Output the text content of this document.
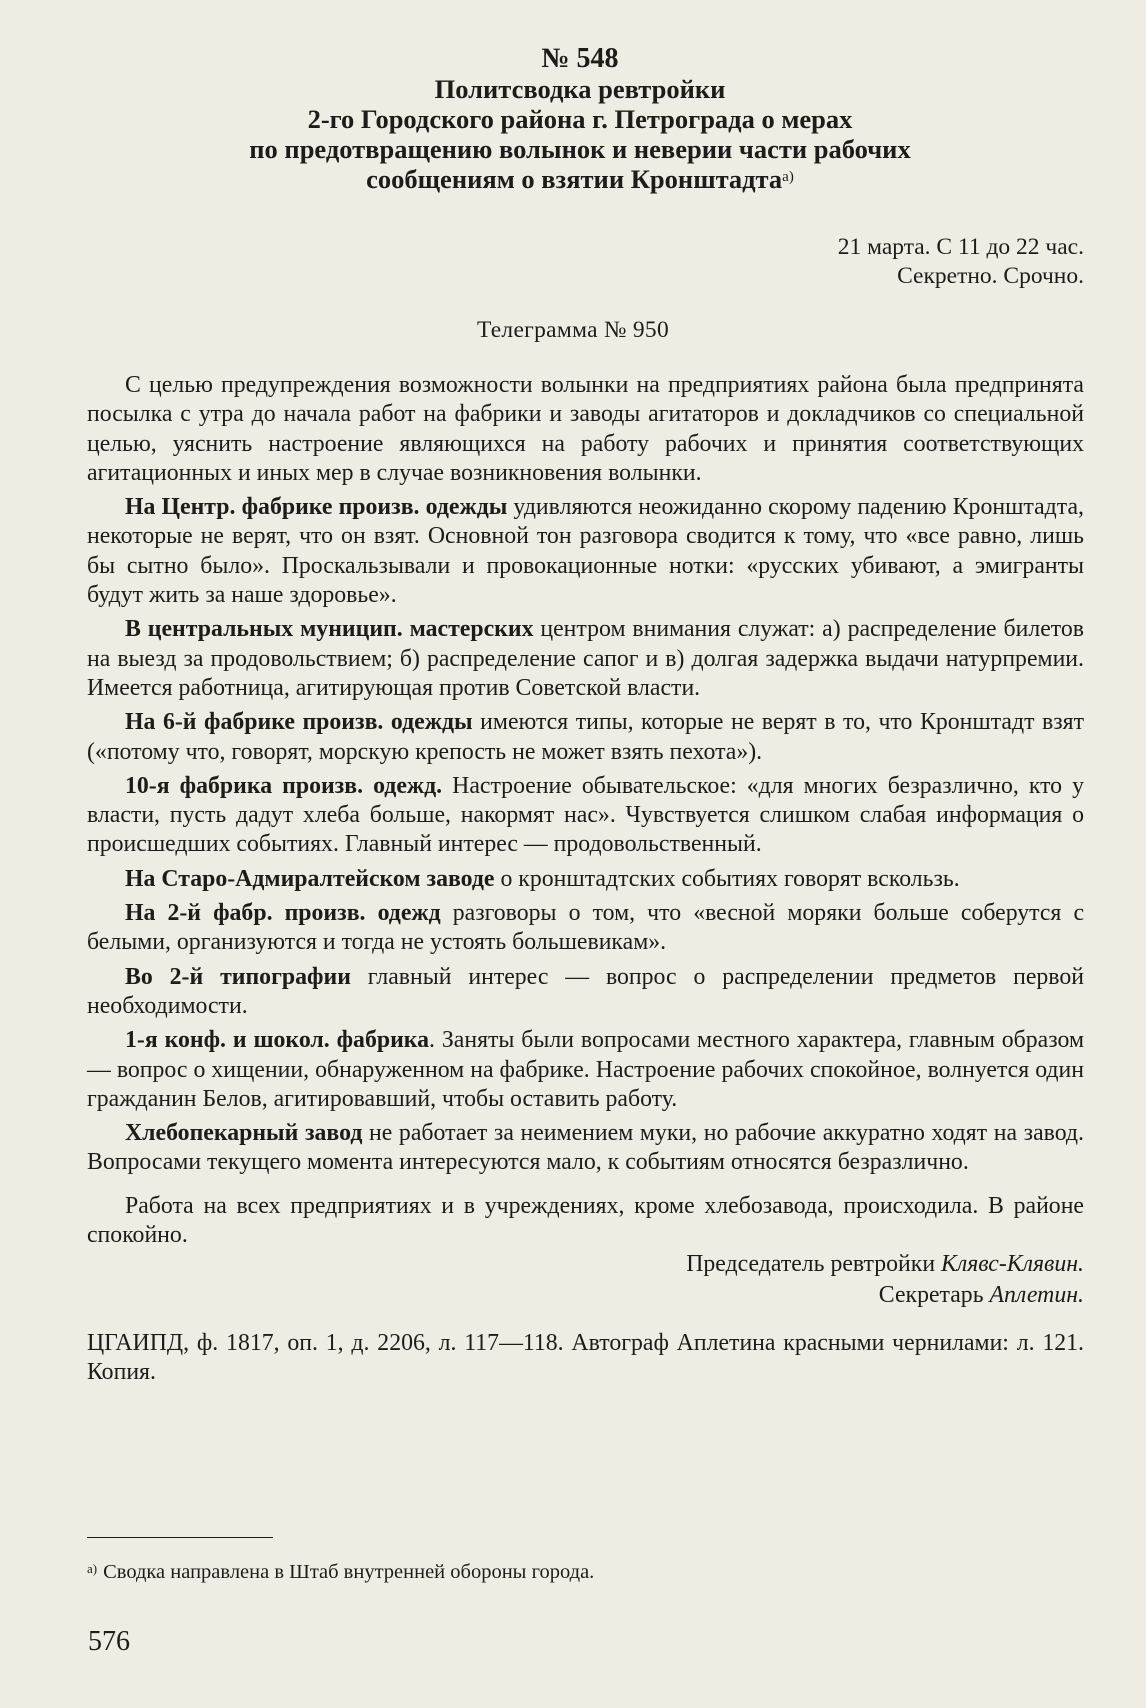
№ 548
Политсводка ревтройки
2-го Городского района г. Петрограда о мерах
по предотвращению волынок и неверии части рабочих
сообщениям о взятии Кронштадта$^{а)}$
21 марта. С 11 до 22 час.
Секретно. Срочно.
Телеграмма № 950

С целью предупреждения возможности волынки на предприятиях района была предпринята посылка с утра до начала работ на фабрики и заводы агитаторов и докладчиков со специальной целью, уяснить настроение являющихся на работу рабочих и принятия соответствующих агитационных и иных мер в случае возникновения волынки.

На Центр. фабрике произв. одежды удивляются неожиданно скорому падению Кронштадта, некоторые не верят, что он взят. Основной тон разговора сводится к тому, что «все равно, лишь бы сытно было». Проскальзывали и провокационные нотки: «русских убивают, а эмигранты будут жить за наше здоровье».

В центральных муницип. мастерских центром внимания служат: а) распределение билетов на выезд за продовольствием; б) распределение сапог и в) долгая задержка выдачи натурпремии. Имеется работница, агитирующая против Советской власти.

На 6-й фабрике произв. одежды имеются типы, которые не верят в то, что Кронштадт взят («потому что, говорят, морскую крепость не может взять пехота»).

10-я фабрика произв. одежд. Настроение обывательское: «для многих безразлично, кто у власти, пусть дадут хлеба больше, накормят нас». Чувствуется слишком слабая информация о происшедших событиях. Главный интерес — продовольственный.

На Старо-Адмиралтейском заводе о кронштадтских событиях говорят вскользь.

На 2-й фабр. произв. одежд разговоры о том, что «весной моряки больше соберутся с белыми, организуются и тогда не устоять большевикам».

Во 2-й типографии главный интерес — вопрос о распределении предметов первой необходимости.

1-я конф. и шокол. фабрика. Заняты были вопросами местного характера, главным образом — вопрос о хищении, обнаруженном на фабрике. Настроение рабочих спокойное, волнуется один гражданин Белов, агитировавший, чтобы оставить работу.

Хлебопекарный завод не работает за неимением муки, но рабочие аккуратно ходят на завод. Вопросами текущего момента интересуются мало, к событиям относятся безразлично.

Работа на всех предприятиях и в учреждениях, кроме хлебозавода, происходила. В районе спокойно.

Председатель ревтройки Клявс-Клявин.
Секретарь Аплетин.
ЦГАИПД, ф. 1817, оп. 1, д. 2206, л. 117—118. Автограф Аплетина красными чернилами: л. 121. Копия.
$^{а)}$ Сводка направлена в Штаб внутренней обороны города.
576
